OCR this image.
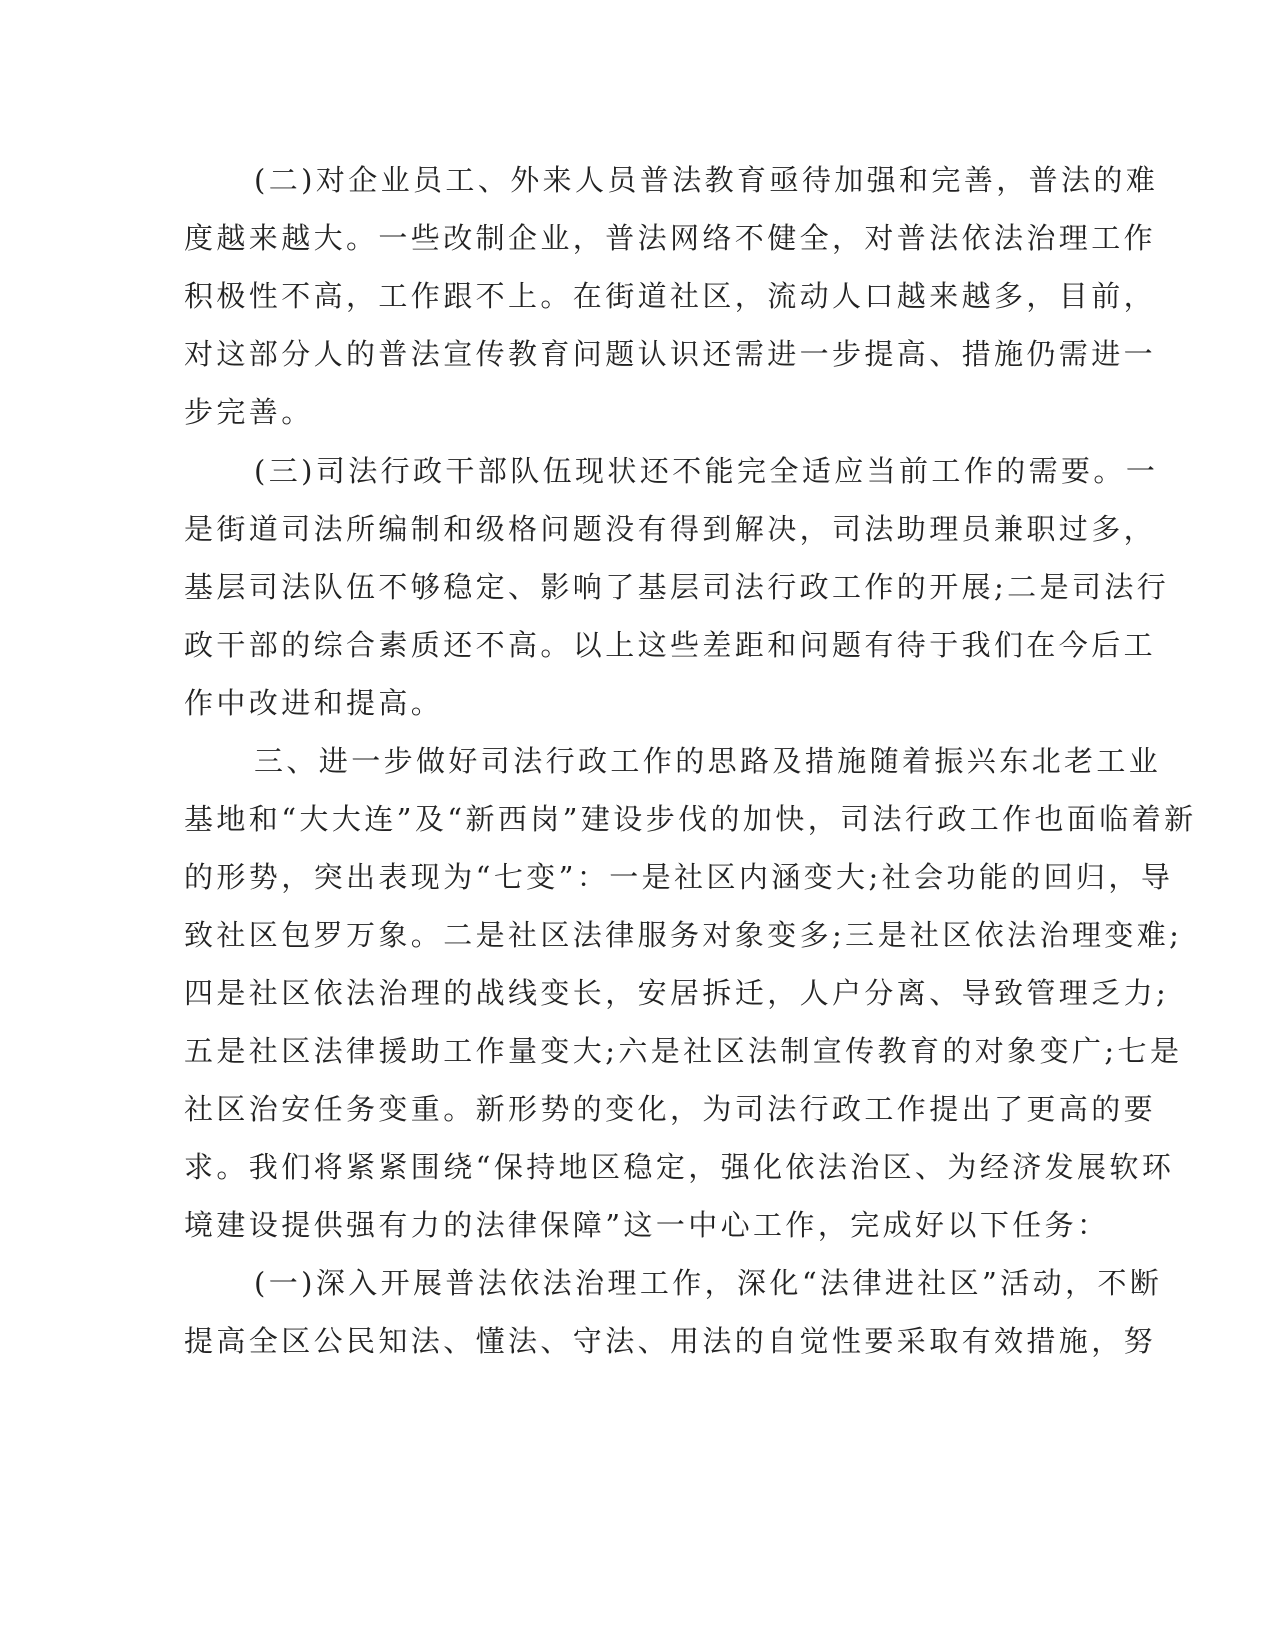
(二)对企业员工、外来人员普法教育亟待加强和完善，普法的难

度越来越大。一些改制企业，普法网络不健全，对普法依法治理工作

积极性不高，工作跟不上。在街道社区，流动人口越来越多，目前，

对这部分人的普法宣传教育问题认识还需进一步提高、措施仍需进一

步完善。

(三)司法行政干部队伍现状还不能完全适应当前工作的需要。一

是街道司法所编制和级格问题没有得到解决，司法助理员兼职过多，

基层司法队伍不够稳定、影响了基层司法行政工作的开展;二是司法行

政干部的综合素质还不高。以上这些差距和问题有待于我们在今后工

作中改进和提高。

三、进一步做好司法行政工作的思路及措施随着振兴东北老工业

基地和“大大连”及“新西岗”建设步伐的加快，司法行政工作也面临着新

的形势，突出表现为“七变”：一是社区内涵变大;社会功能的回归，导

致社区包罗万象。二是社区法律服务对象变多;三是社区依法治理变难;

四是社区依法治理的战线变长，安居拆迁，人户分离、导致管理乏力;

五是社区法律援助工作量变大;六是社区法制宣传教育的对象变广;七是

社区治安任务变重。新形势的变化，为司法行政工作提出了更高的要

求。我们将紧紧围绕“保持地区稳定，强化依法治区、为经济发展软环

境建设提供强有力的法律保障”这一中心工作，完成好以下任务：

(一)深入开展普法依法治理工作，深化“法律进社区”活动，不断

提高全区公民知法、懂法、守法、用法的自觉性要采取有效措施，努
